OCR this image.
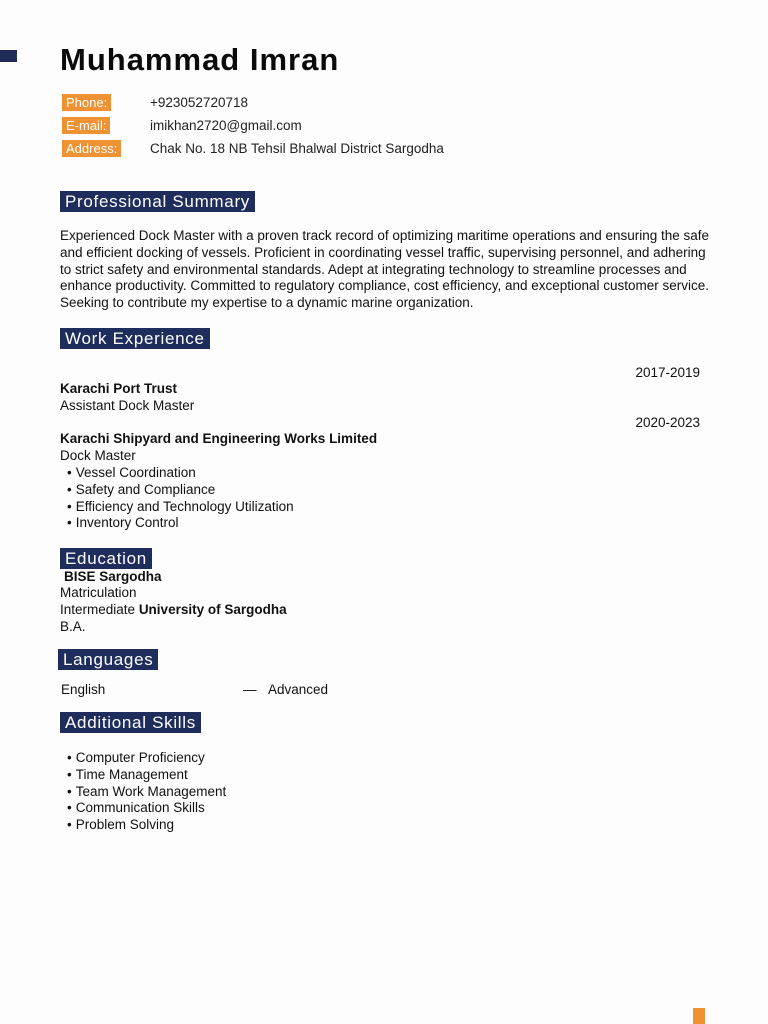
Muhammad Imran
Phone:	+923052720718
E-mail:	imikhan2720@gmail.com
Address: Chak No. 18 NB Tehsil Bhalwal District Sargodha
Professional Summary
Experienced Dock Master with a proven track record of optimizing maritime operations and ensuring the safe and efficient docking of vessels. Proficient in coordinating vessel traffic, supervising personnel, and adhering to strict safety and environmental standards. Adept at integrating technology to streamline processes and enhance productivity. Committed to regulatory compliance, cost efficiency, and exceptional customer service. Seeking to contribute my expertise to a dynamic marine organization.
Work Experience
2017-2019
Karachi Port Trust
Assistant Dock Master
2020-2023
Karachi Shipyard and Engineering Works Limited
Dock Master
• Vessel Coordination
• Safety and Compliance
• Efficiency and Technology Utilization
• Inventory Control
Education
BISE Sargodha
Matriculation
Intermediate University of Sargodha
B.A.
Languages
English	— Advanced
Additional Skills
• Computer Proficiency
• Time Management
• Team Work Management
• Communication Skills
• Problem Solving
